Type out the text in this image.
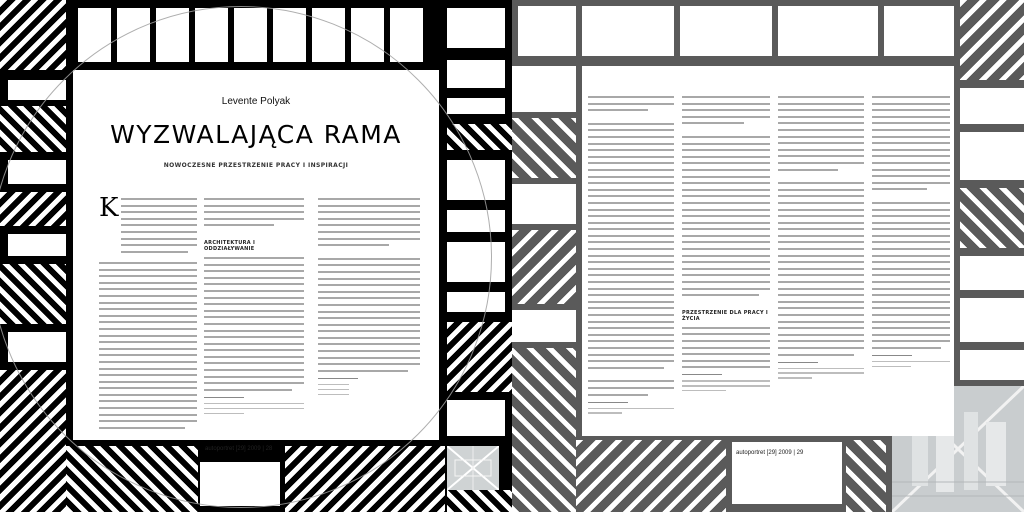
Levente Polyak
WYZWALAJĄCA RAMA
NOWOCZESNE PRZESTRZENIE PRACY I INSPIRACJI
K
ARCHITEKTURA I ODDZIAŁYWANIE
autoportret [29] 2009 | 28
PRZESTRZENIE DLA PRACY I ŻYCIA
autoportret [29] 2009 | 29
